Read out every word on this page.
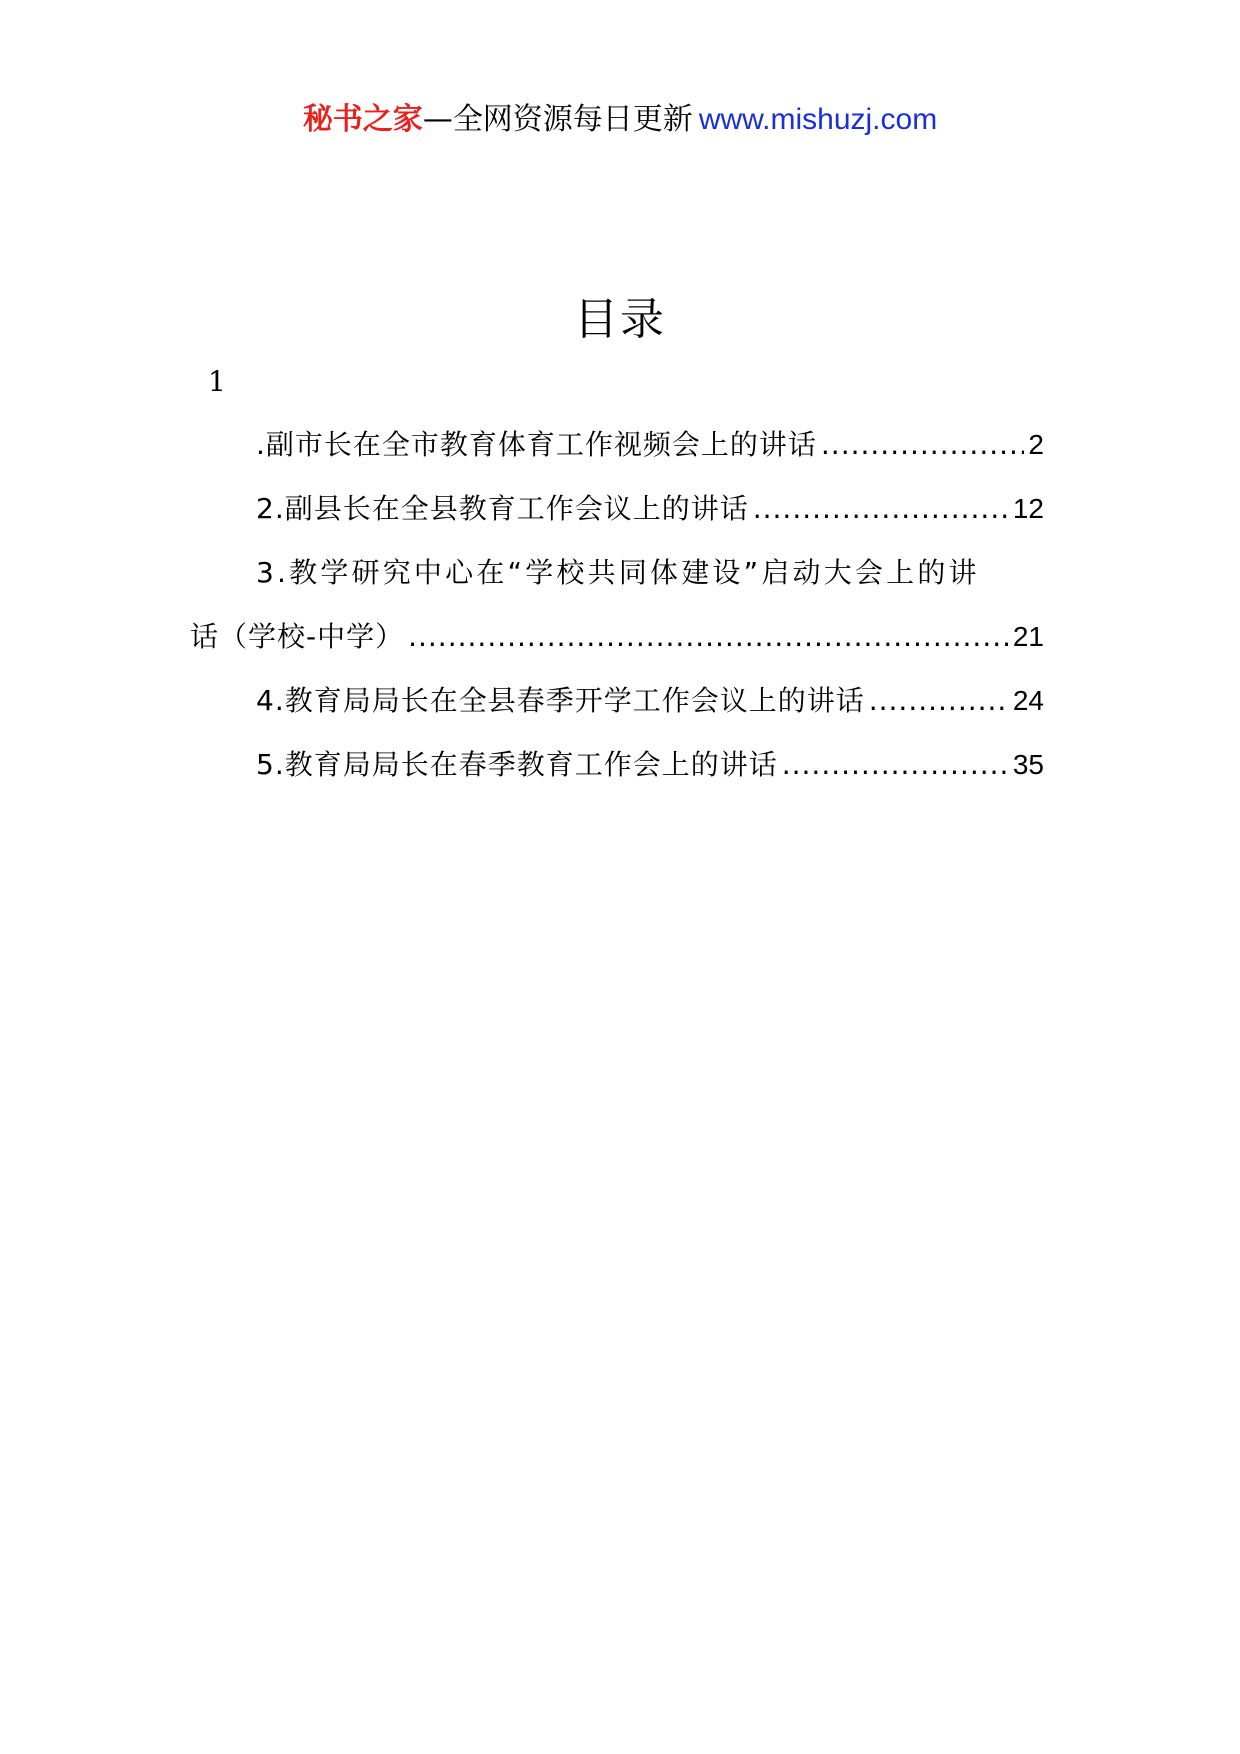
秘书之家—全网资源每日更新 www.mishuzj.com
目录
1
.副市长在全市教育体育工作视频会上的讲话 .....	2
2.副县长在全县教育工作会议上的讲话 .....	12
3.教学研究中心在“学校共同体建设”启动大会上的讲
话（学校-中学） .....	21
4.教育局局长在全县春季开学工作会议上的讲话 .....	24
5.教育局局长在春季教育工作会上的讲话 .....	35
